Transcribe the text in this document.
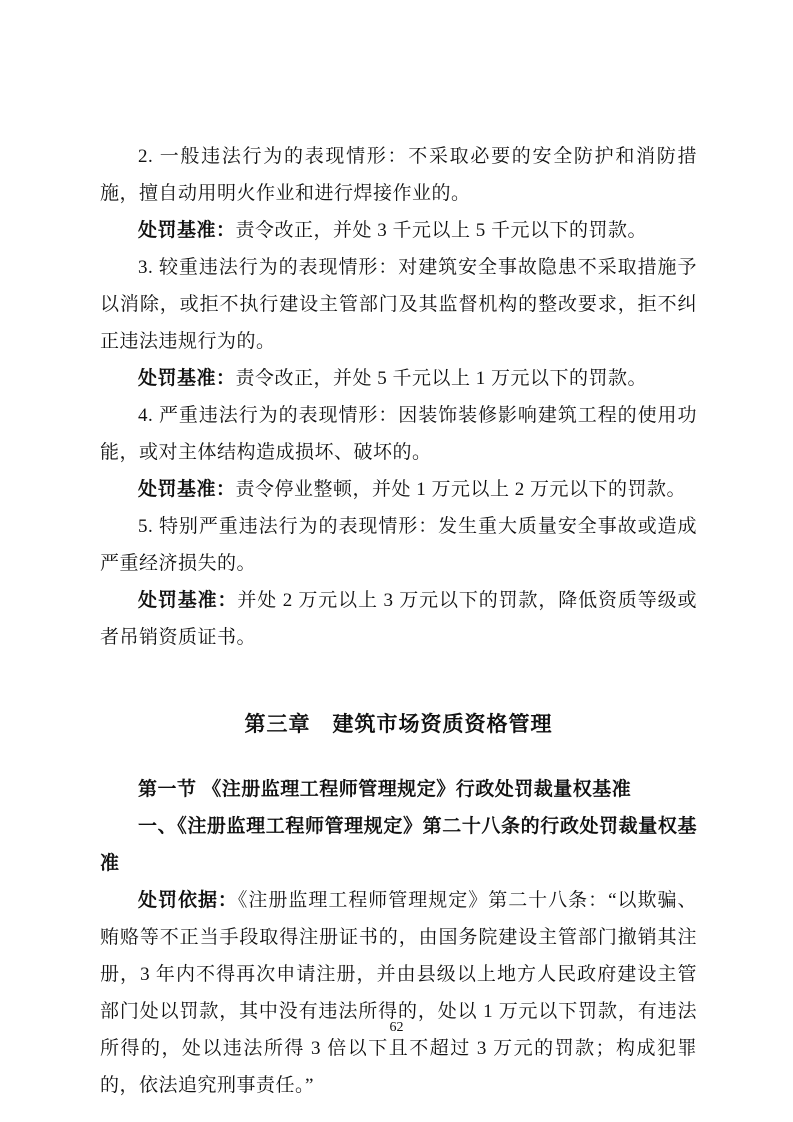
2. 一般违法行为的表现情形：不采取必要的安全防护和消防措施，擅自动用明火作业和进行焊接作业的。

处罚基准：责令改正，并处 3 千元以上 5 千元以下的罚款。

3. 较重违法行为的表现情形：对建筑安全事故隐患不采取措施予以消除，或拒不执行建设主管部门及其监督机构的整改要求，拒不纠正违法违规行为的。

处罚基准：责令改正，并处 5 千元以上 1 万元以下的罚款。

4. 严重违法行为的表现情形：因装饰装修影响建筑工程的使用功能，或对主体结构造成损坏、破坏的。

处罚基准：责令停业整顿，并处 1 万元以上 2 万元以下的罚款。

5. 特别严重违法行为的表现情形：发生重大质量安全事故或造成严重经济损失的。

处罚基准：并处 2 万元以上 3 万元以下的罚款，降低资质等级或者吊销资质证书。

第三章　建筑市场资质资格管理
第一节 《注册监理工程师管理规定》行政处罚裁量权基准
一、《注册监理工程师管理规定》第二十八条的行政处罚裁量权基准

处罚依据：《注册监理工程师管理规定》第二十八条：“以欺骗、贿赂等不正当手段取得注册证书的，由国务院建设主管部门撤销其注册，3 年内不得再次申请注册，并由县级以上地方人民政府建设主管部门处以罚款，其中没有违法所得的，处以 1 万元以下罚款，有违法所得的，处以违法所得 3 倍以下且不超过 3 万元的罚款；构成犯罪的，依法追究刑事责任。”

62
